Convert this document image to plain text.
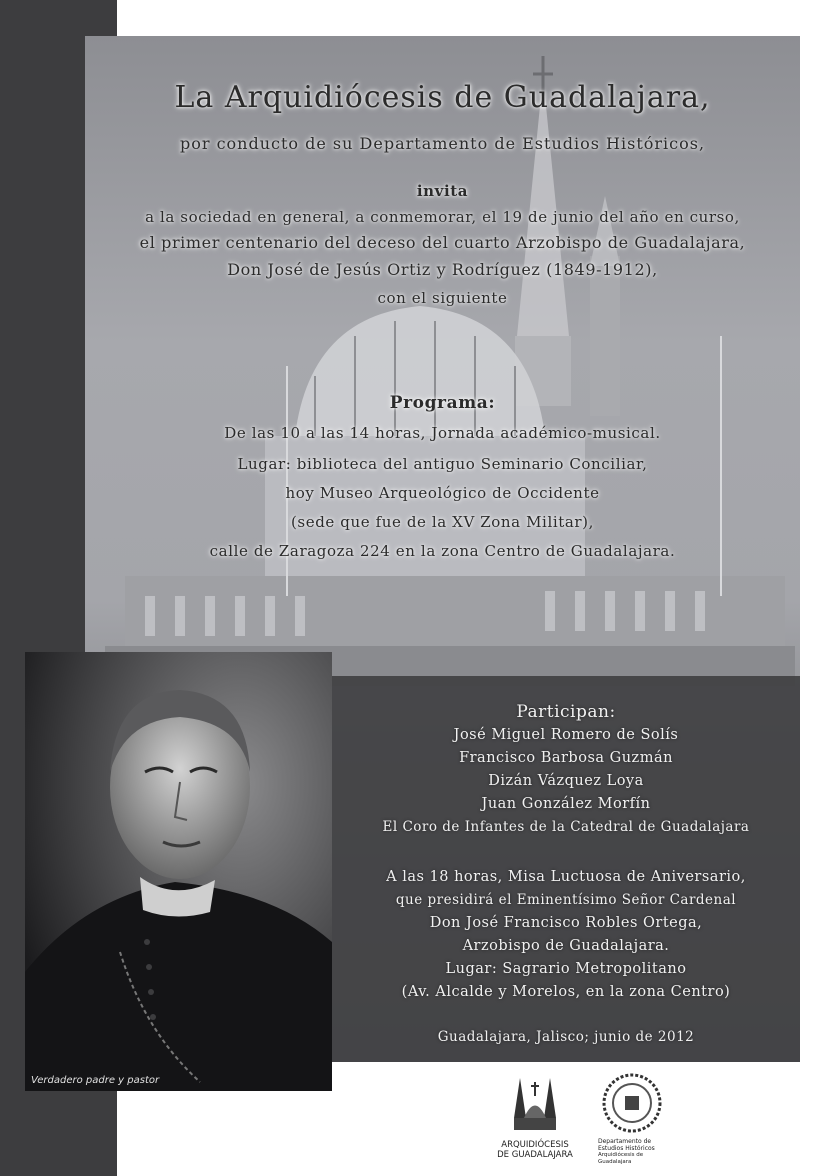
La Arquidiócesis de Guadalajara,
por conducto de su Departamento de Estudios Históricos,
invita
a la sociedad en general, a conmemorar, el 19 de junio del año en curso,
el primer centenario del deceso del cuarto Arzobispo de Guadalajara,
Don José de Jesús Ortiz y Rodríguez (1849-1912),
con el siguiente
Programa:
De las 10 a las 14 horas, Jornada académico-musical.
Lugar: biblioteca del antiguo Seminario Conciliar,
hoy Museo Arqueológico de Occidente
(sede que fue de la XV Zona Militar),
calle de Zaragoza 224 en la zona Centro de Guadalajara.
Participan:
José Miguel Romero de Solís
Francisco Barbosa Guzmán
Dizán Vázquez Loya
Juan González Morfín
El Coro de Infantes de la Catedral de Guadalajara
A las 18 horas, Misa Luctuosa de Aniversario,
que presidirá el Eminentísimo Señor Cardenal
Don José Francisco Robles Ortega,
Arzobispo de Guadalajara.
Lugar: Sagrario Metropolitano
(Av. Alcalde y Morelos, en la zona Centro)
Guadalajara, Jalisco; junio de 2012
Verdadero padre y pastor
ARQUIDIÓCESIS
DE GUADALAJARA
Departamento de
Estudios Históricos
Arquidiócesis de Guadalajara
